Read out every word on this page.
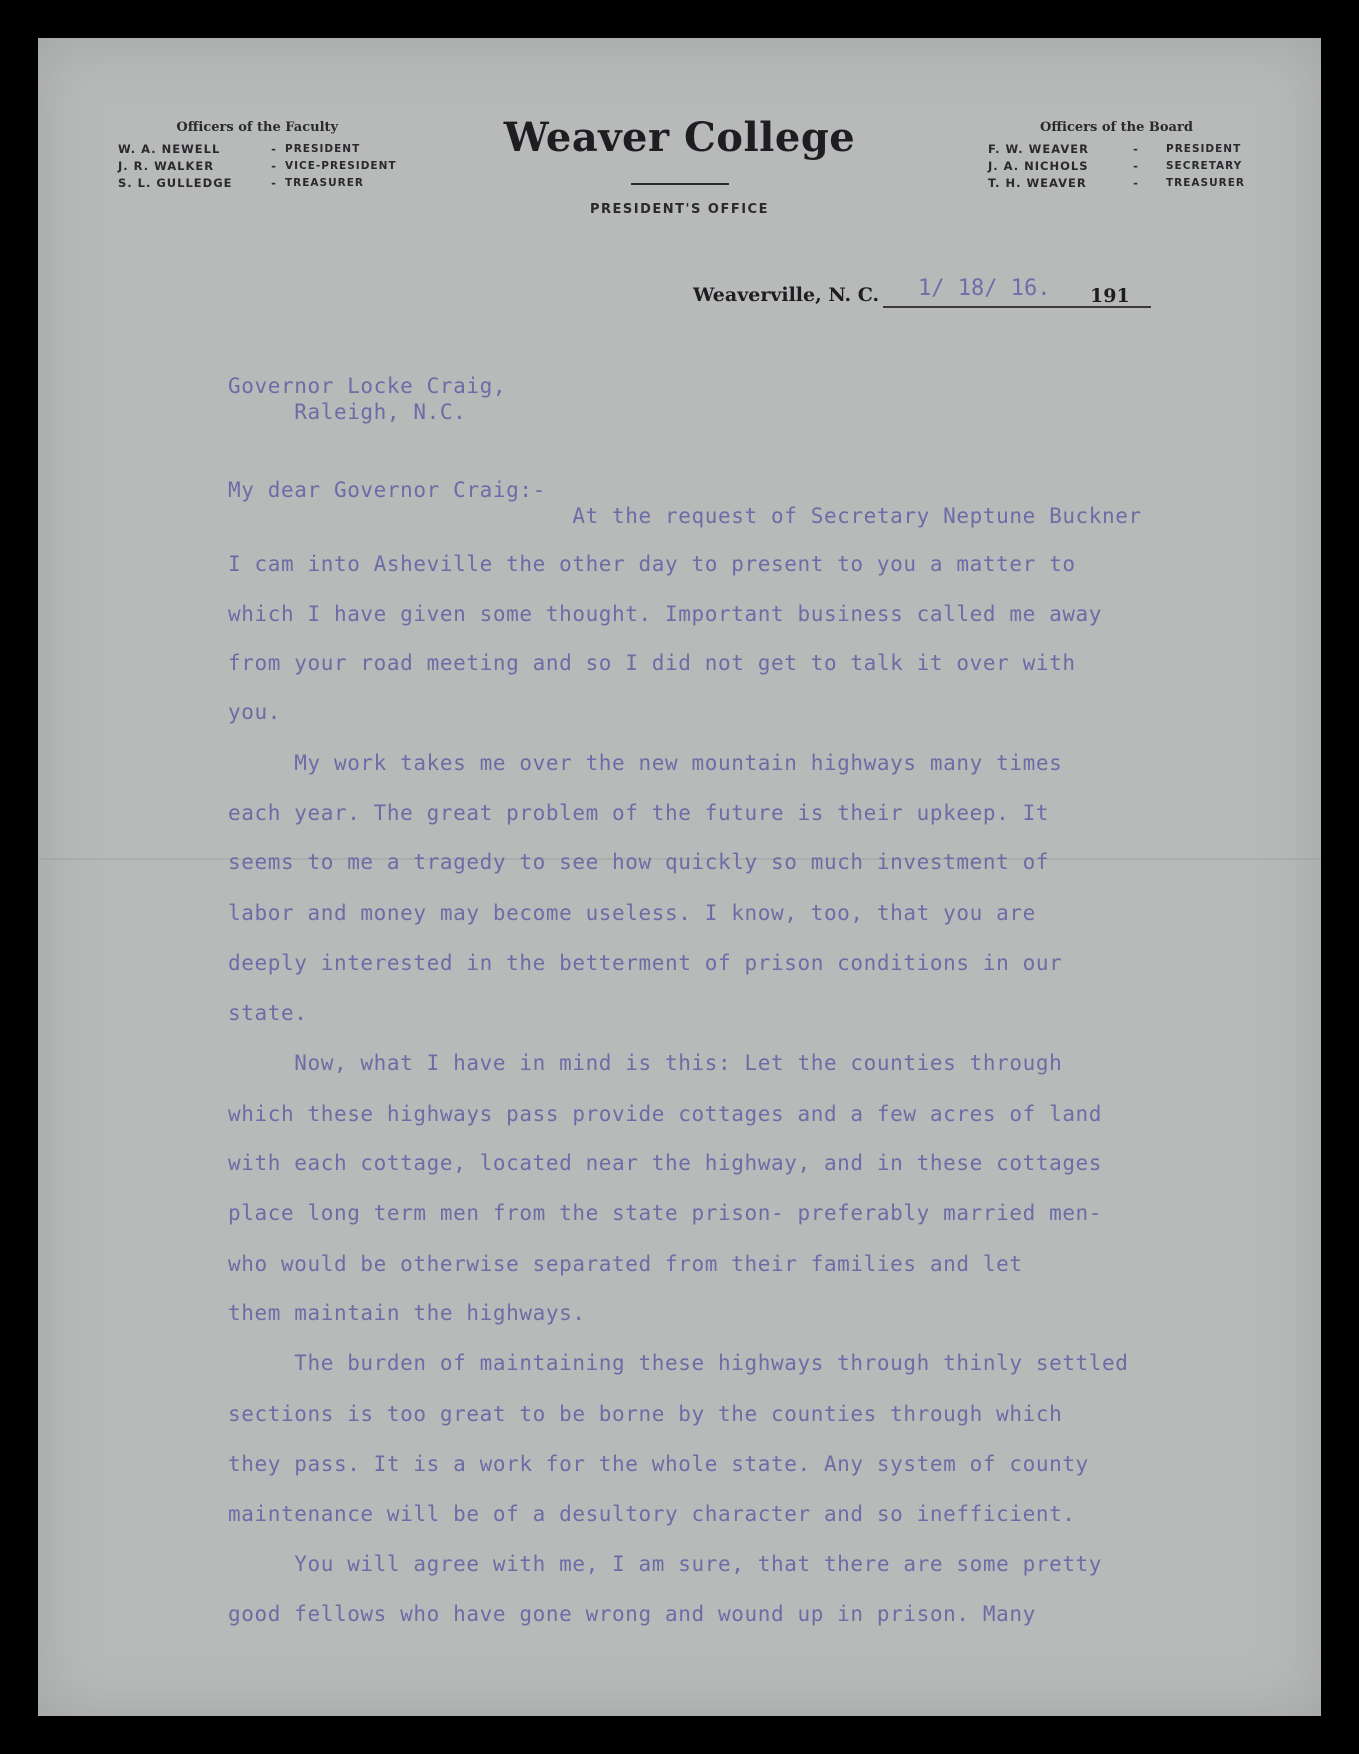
Officers of the Faculty
W. A. NEWELL	- PRESIDENT
J. R. WALKER	- VICE-PRESIDENT
S. L. GULLEDGE	- TREASURER
Weaver College
PRESIDENT'S OFFICE
Officers of the Board
F. W. WEAVER	-	PRESIDENT
J. A. NICHOLS	-	SECRETARY
T. H. WEAVER	-	TREASURER
Weaverville, N. C. 1/ 18/ 16. 191
Governor Locke Craig,
Raleigh, N.C.
My dear Governor Craig:-
At the request of Secretary Neptune Buckner
I cam into Asheville the other day to present to you a matter to
which I have given some thought. Important business called me away
from your road meeting and so I did not get to talk it over with
you.
My work takes me over the new mountain highways many times
each year. The great problem of the future is their upkeep. It
seems to me a tragedy to see how quickly so much investment of
labor and money may become useless. I know, too, that you are
deeply interested in the betterment of prison conditions in our
state.
Now, what I have in mind is this: Let the counties through
which these highways pass provide cottages and a few acres of land
with each cottage, located near the highway, and in these cottages
place long term men from the state prison- preferably married men-
who would be otherwise separated from their families and let
them maintain the highways.
The burden of maintaining these highways through thinly settled
sections is too great to be borne by the counties through which
they pass. It is a work for the whole state. Any system of county
maintenance will be of a desultory character and so inefficient.
You will agree with me, I am sure, that there are some pretty
good fellows who have gone wrong and wound up in prison. Many
